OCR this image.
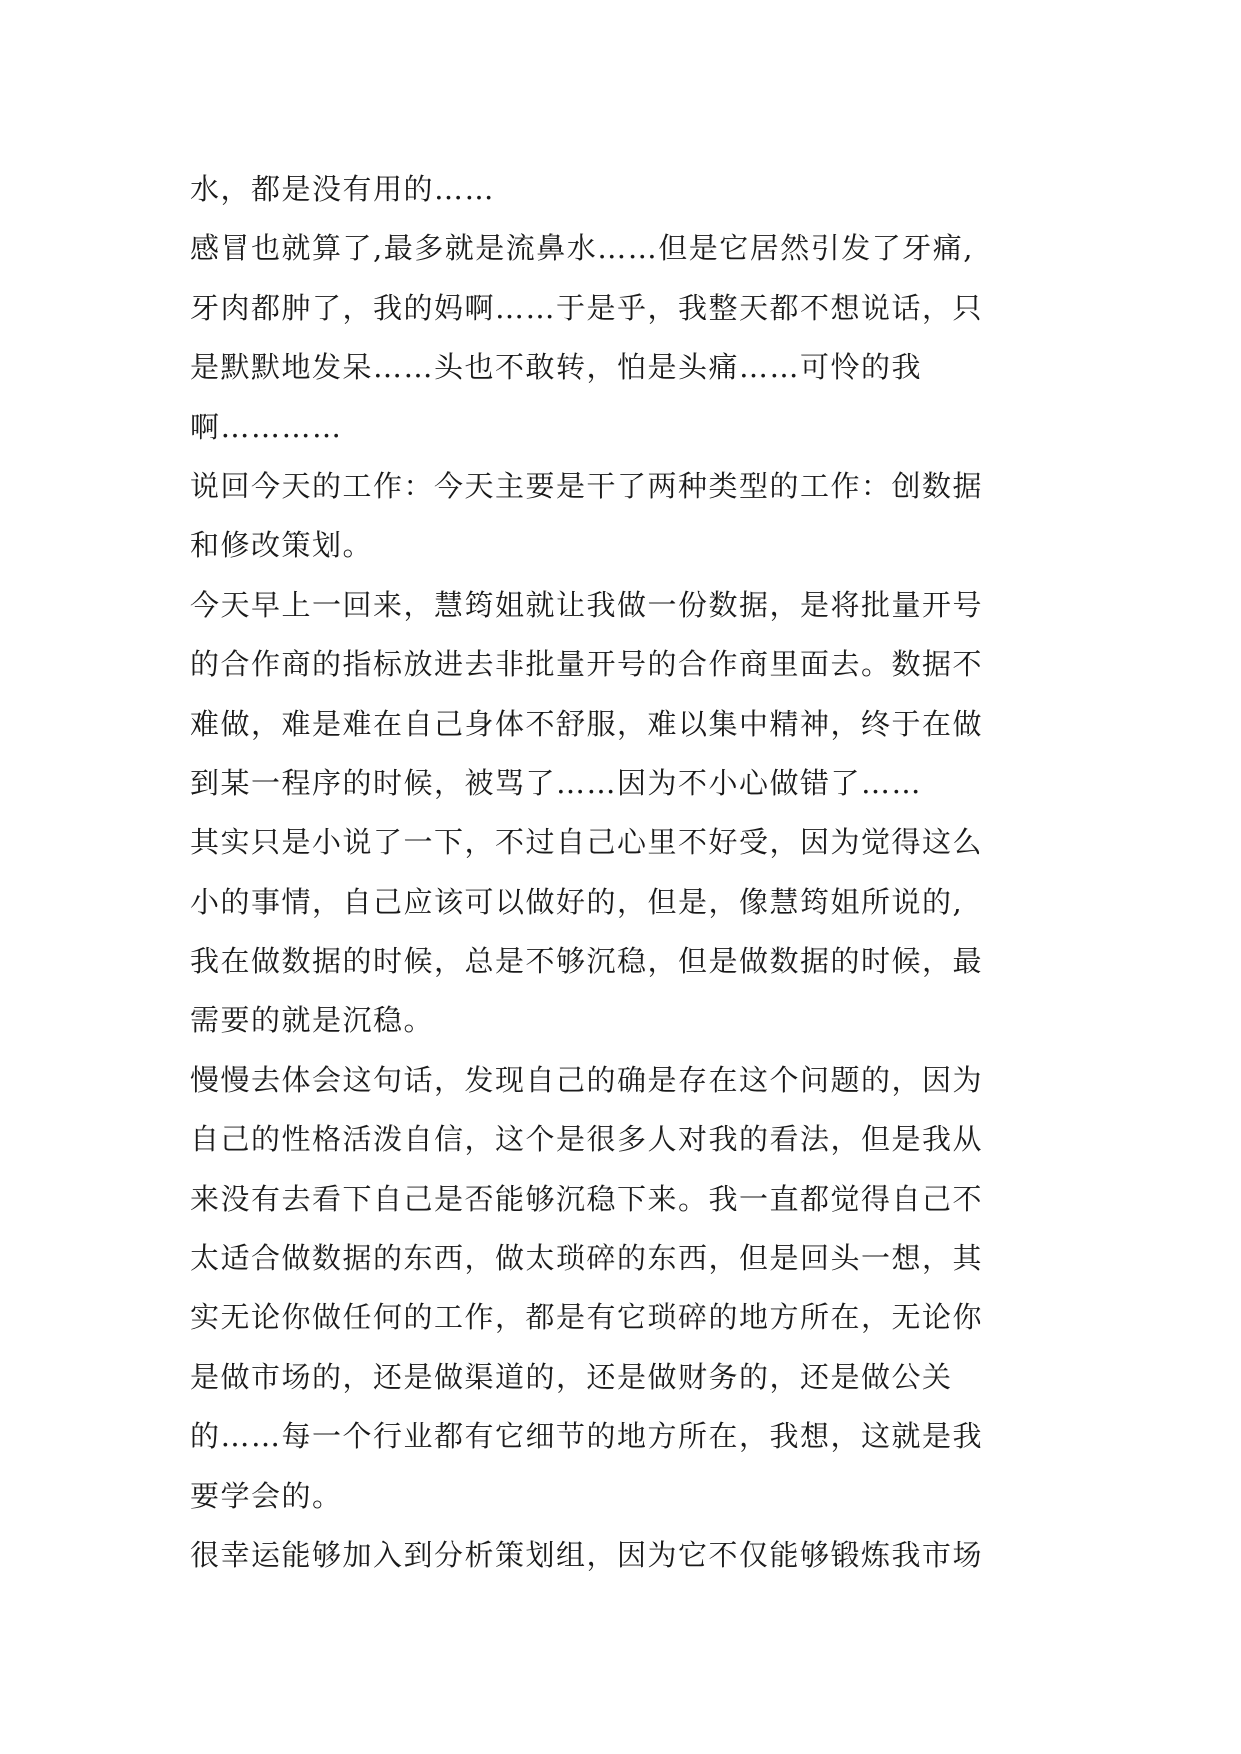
水，都是没有用的……
感冒也就算了,最多就是流鼻水……但是它居然引发了牙痛,
牙肉都肿了，我的妈啊……于是乎，我整天都不想说话，只
是默默地发呆……头也不敢转，怕是头痛……可怜的我
啊…………
说回今天的工作：今天主要是干了两种类型的工作：创数据
和修改策划。
今天早上一回来，慧筠姐就让我做一份数据，是将批量开号
的合作商的指标放进去非批量开号的合作商里面去。数据不
难做，难是难在自己身体不舒服，难以集中精神，终于在做
到某一程序的时候，被骂了……因为不小心做错了……
其实只是小说了一下，不过自己心里不好受，因为觉得这么
小的事情，自己应该可以做好的，但是，像慧筠姐所说的,
我在做数据的时候，总是不够沉稳，但是做数据的时候，最
需要的就是沉稳。
慢慢去体会这句话，发现自己的确是存在这个问题的，因为
自己的性格活泼自信，这个是很多人对我的看法，但是我从
来没有去看下自己是否能够沉稳下来。我一直都觉得自己不
太适合做数据的东西，做太琐碎的东西，但是回头一想，其
实无论你做任何的工作，都是有它琐碎的地方所在，无论你
是做市场的，还是做渠道的，还是做财务的，还是做公关
的……每一个行业都有它细节的地方所在，我想，这就是我
要学会的。
很幸运能够加入到分析策划组，因为它不仅能够锻炼我市场
